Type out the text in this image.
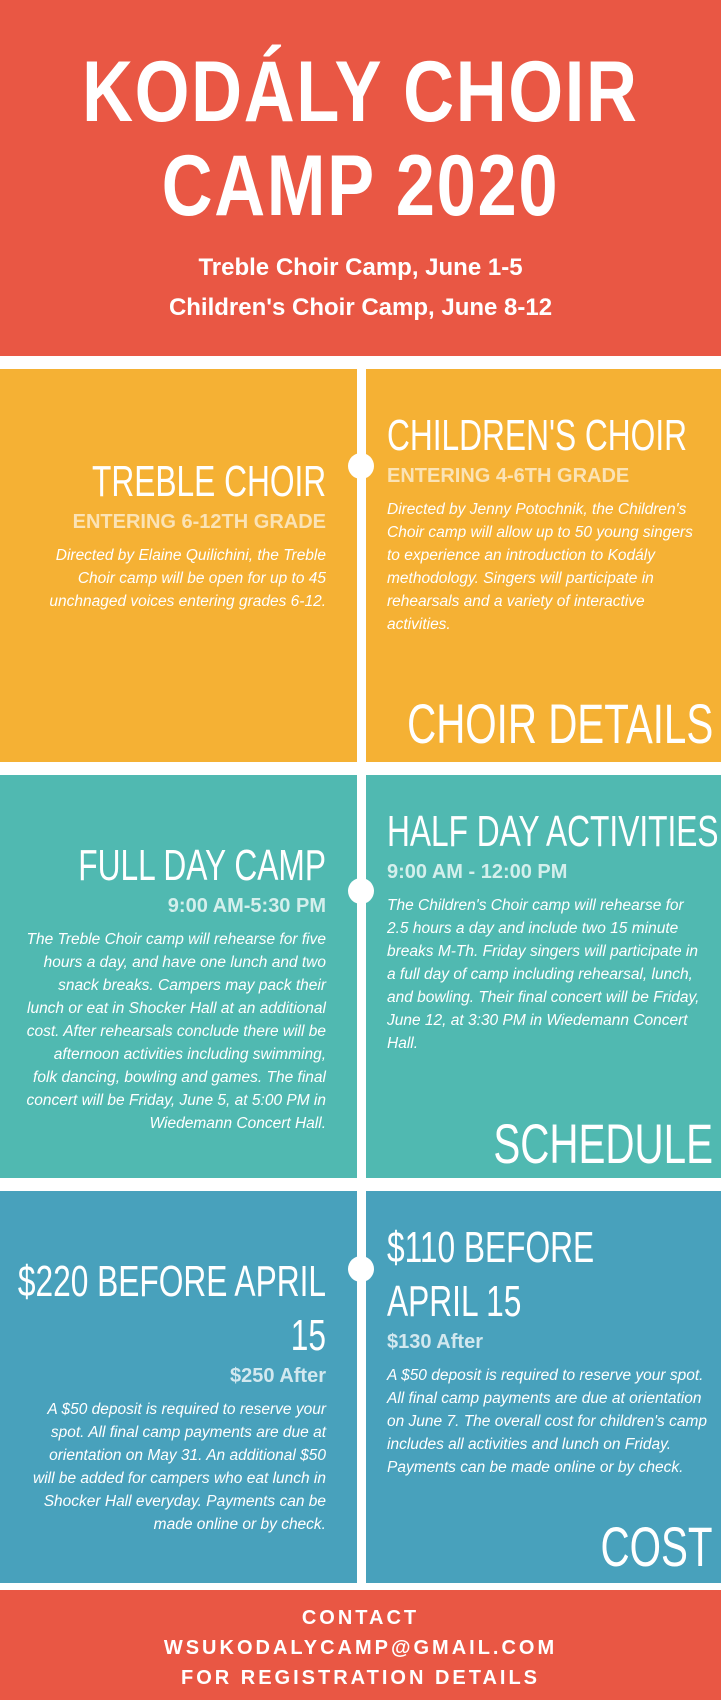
KODÁLY CHOIR
CAMP 2020
Treble Choir Camp, June 1-5
Children's Choir Camp, June 8-12
TREBLE CHOIR
ENTERING 6-12TH GRADE
Directed by Elaine Quilichini, the Treble Choir camp will be open for up to 45 unchnaged voices entering grades 6-12.
CHILDREN'S CHOIR
ENTERING 4-6TH GRADE
Directed by Jenny Potochnik, the Children's Choir camp will allow up to 50 young singers to experience an introduction to Kodály methodology. Singers will participate in rehearsals and a variety of interactive activities.
CHOIR DETAILS
FULL DAY CAMP
9:00 AM-5:30 PM
The Treble Choir camp will rehearse for five hours a day, and have one lunch and two snack breaks. Campers may pack their lunch or eat in Shocker Hall at an additional cost. After rehearsals conclude there will be afternoon activities including swimming, folk dancing, bowling and games. The final concert will be Friday, June 5, at 5:00 PM in Wiedemann Concert Hall.
HALF DAY ACTIVITIES
9:00 AM - 12:00 PM
The Children's Choir camp will rehearse for 2.5 hours a day and include two 15 minute breaks M-Th. Friday singers will participate in a full day of camp including rehearsal, lunch, and bowling. Their final concert will be Friday, June 12, at 3:30 PM in Wiedemann Concert Hall.
SCHEDULE
$220 BEFORE APRIL
15
$250 After
A $50 deposit is required to reserve your spot. All final camp payments are due at orientation on May 31. An additional $50 will be added for campers who eat lunch in Shocker Hall everyday. Payments can be made online or by check.
$110 BEFORE
APRIL 15
$130 After
A $50 deposit is required to reserve your spot. All final camp payments are due at orientation on June 7. The overall cost for children's camp includes all activities and lunch on Friday. Payments can be made online or by check.
COST
CONTACT
WSUKODALYCAMP@GMAIL.COM
FOR REGISTRATION DETAILS
